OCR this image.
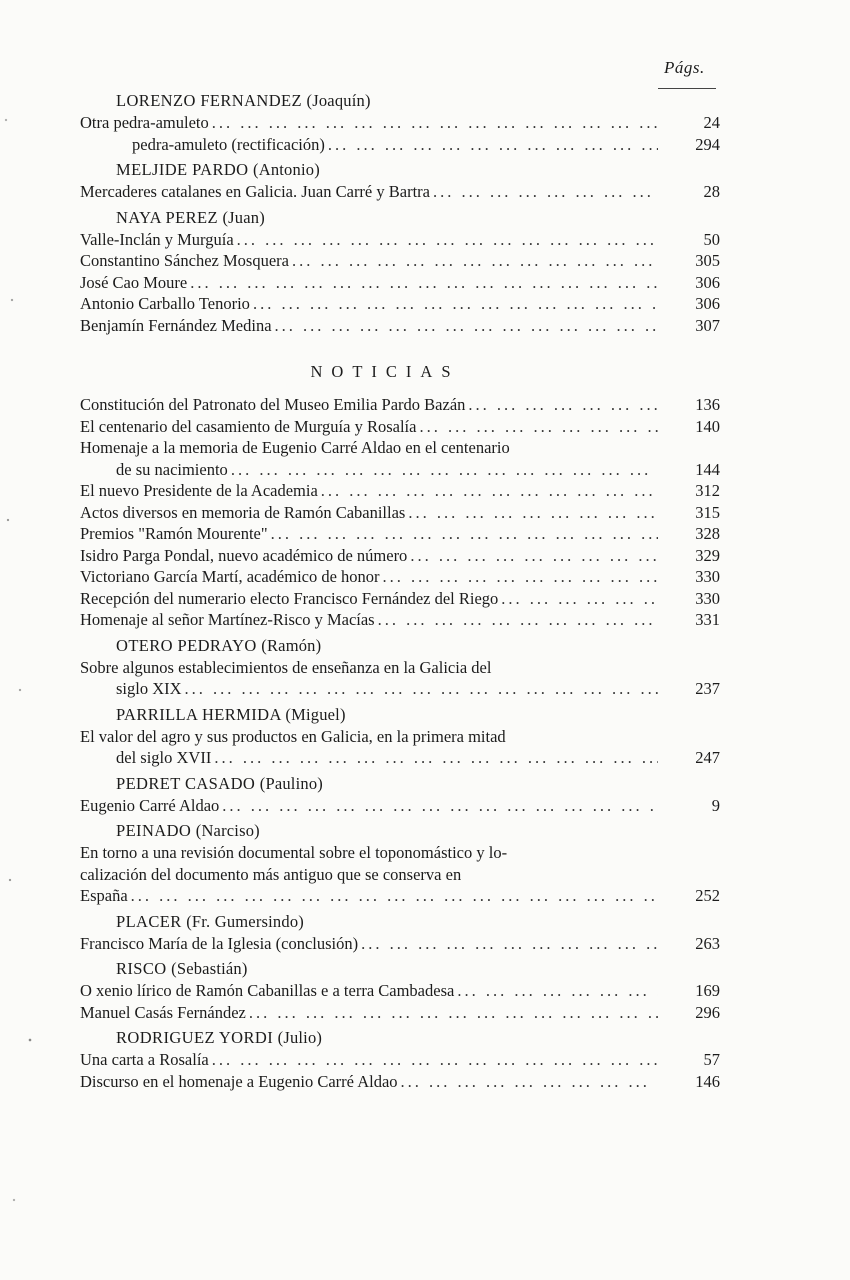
Págs.
LORENZO FERNANDEZ (Joaquín)
Otra pedra-amuleto ... .	24
pedra-amuleto (rectificación) ... .	294
MELJIDE PARDO (Antonio)
Mercaderes catalanes en Galicia. Juan Carré y Bartra ... .	28
NAYA PEREZ (Juan)
Valle-Inclán y Murguía ... .	50
Constantino Sánchez Mosquera ... .	305
José Cao Moure ... .	306
Antonio Carballo Tenorio ... .	306
Benjamín Fernández Medina ... .	307
NOTICIAS
Constitución del Patronato del Museo Emilia Pardo Bazán ... .	136
El centenario del casamiento de Murguía y Rosalía ... .	140
Homenaje a la memoria de Eugenio Carré Aldao en el centenario
de su nacimiento ... .	144
El nuevo Presidente de la Academia ... .	312
Actos diversos en memoria de Ramón Cabanillas ... .	315
Premios "Ramón Mourente" ... .	328
Isidro Parga Pondal, nuevo académico de número ... .	329
Victoriano García Martí, académico de honor ... .	330
Recepción del numerario electo Francisco Fernández del Riego ... .	330
Homenaje al señor Martínez-Risco y Macías ... .	331
OTERO PEDRAYO (Ramón)
Sobre algunos establecimientos de enseñanza en la Galicia del
siglo XIX ... .	237
PARRILLA HERMIDA (Miguel)
El valor del agro y sus productos en Galicia, en la primera mitad
del siglo XVII ... .	247
PEDRET CASADO (Paulino)
Eugenio Carré Aldao ... .	9
PEINADO (Narciso)
En torno a una revisión documental sobre el toponomástico y lo-
calización del documento más antiguo que se conserva en
España ... .	252
PLACER (Fr. Gumersindo)
Francisco María de la Iglesia (conclusión) ... .	263
RISCO (Sebastián)
O xenio lírico de Ramón Cabanillas e a terra Cambadesa ... .	169
Manuel Casás Fernández ... .	296
RODRIGUEZ YORDI (Julio)
Una carta a Rosalía ... .	57
Discurso en el homenaje a Eugenio Carré Aldao ... .	146
